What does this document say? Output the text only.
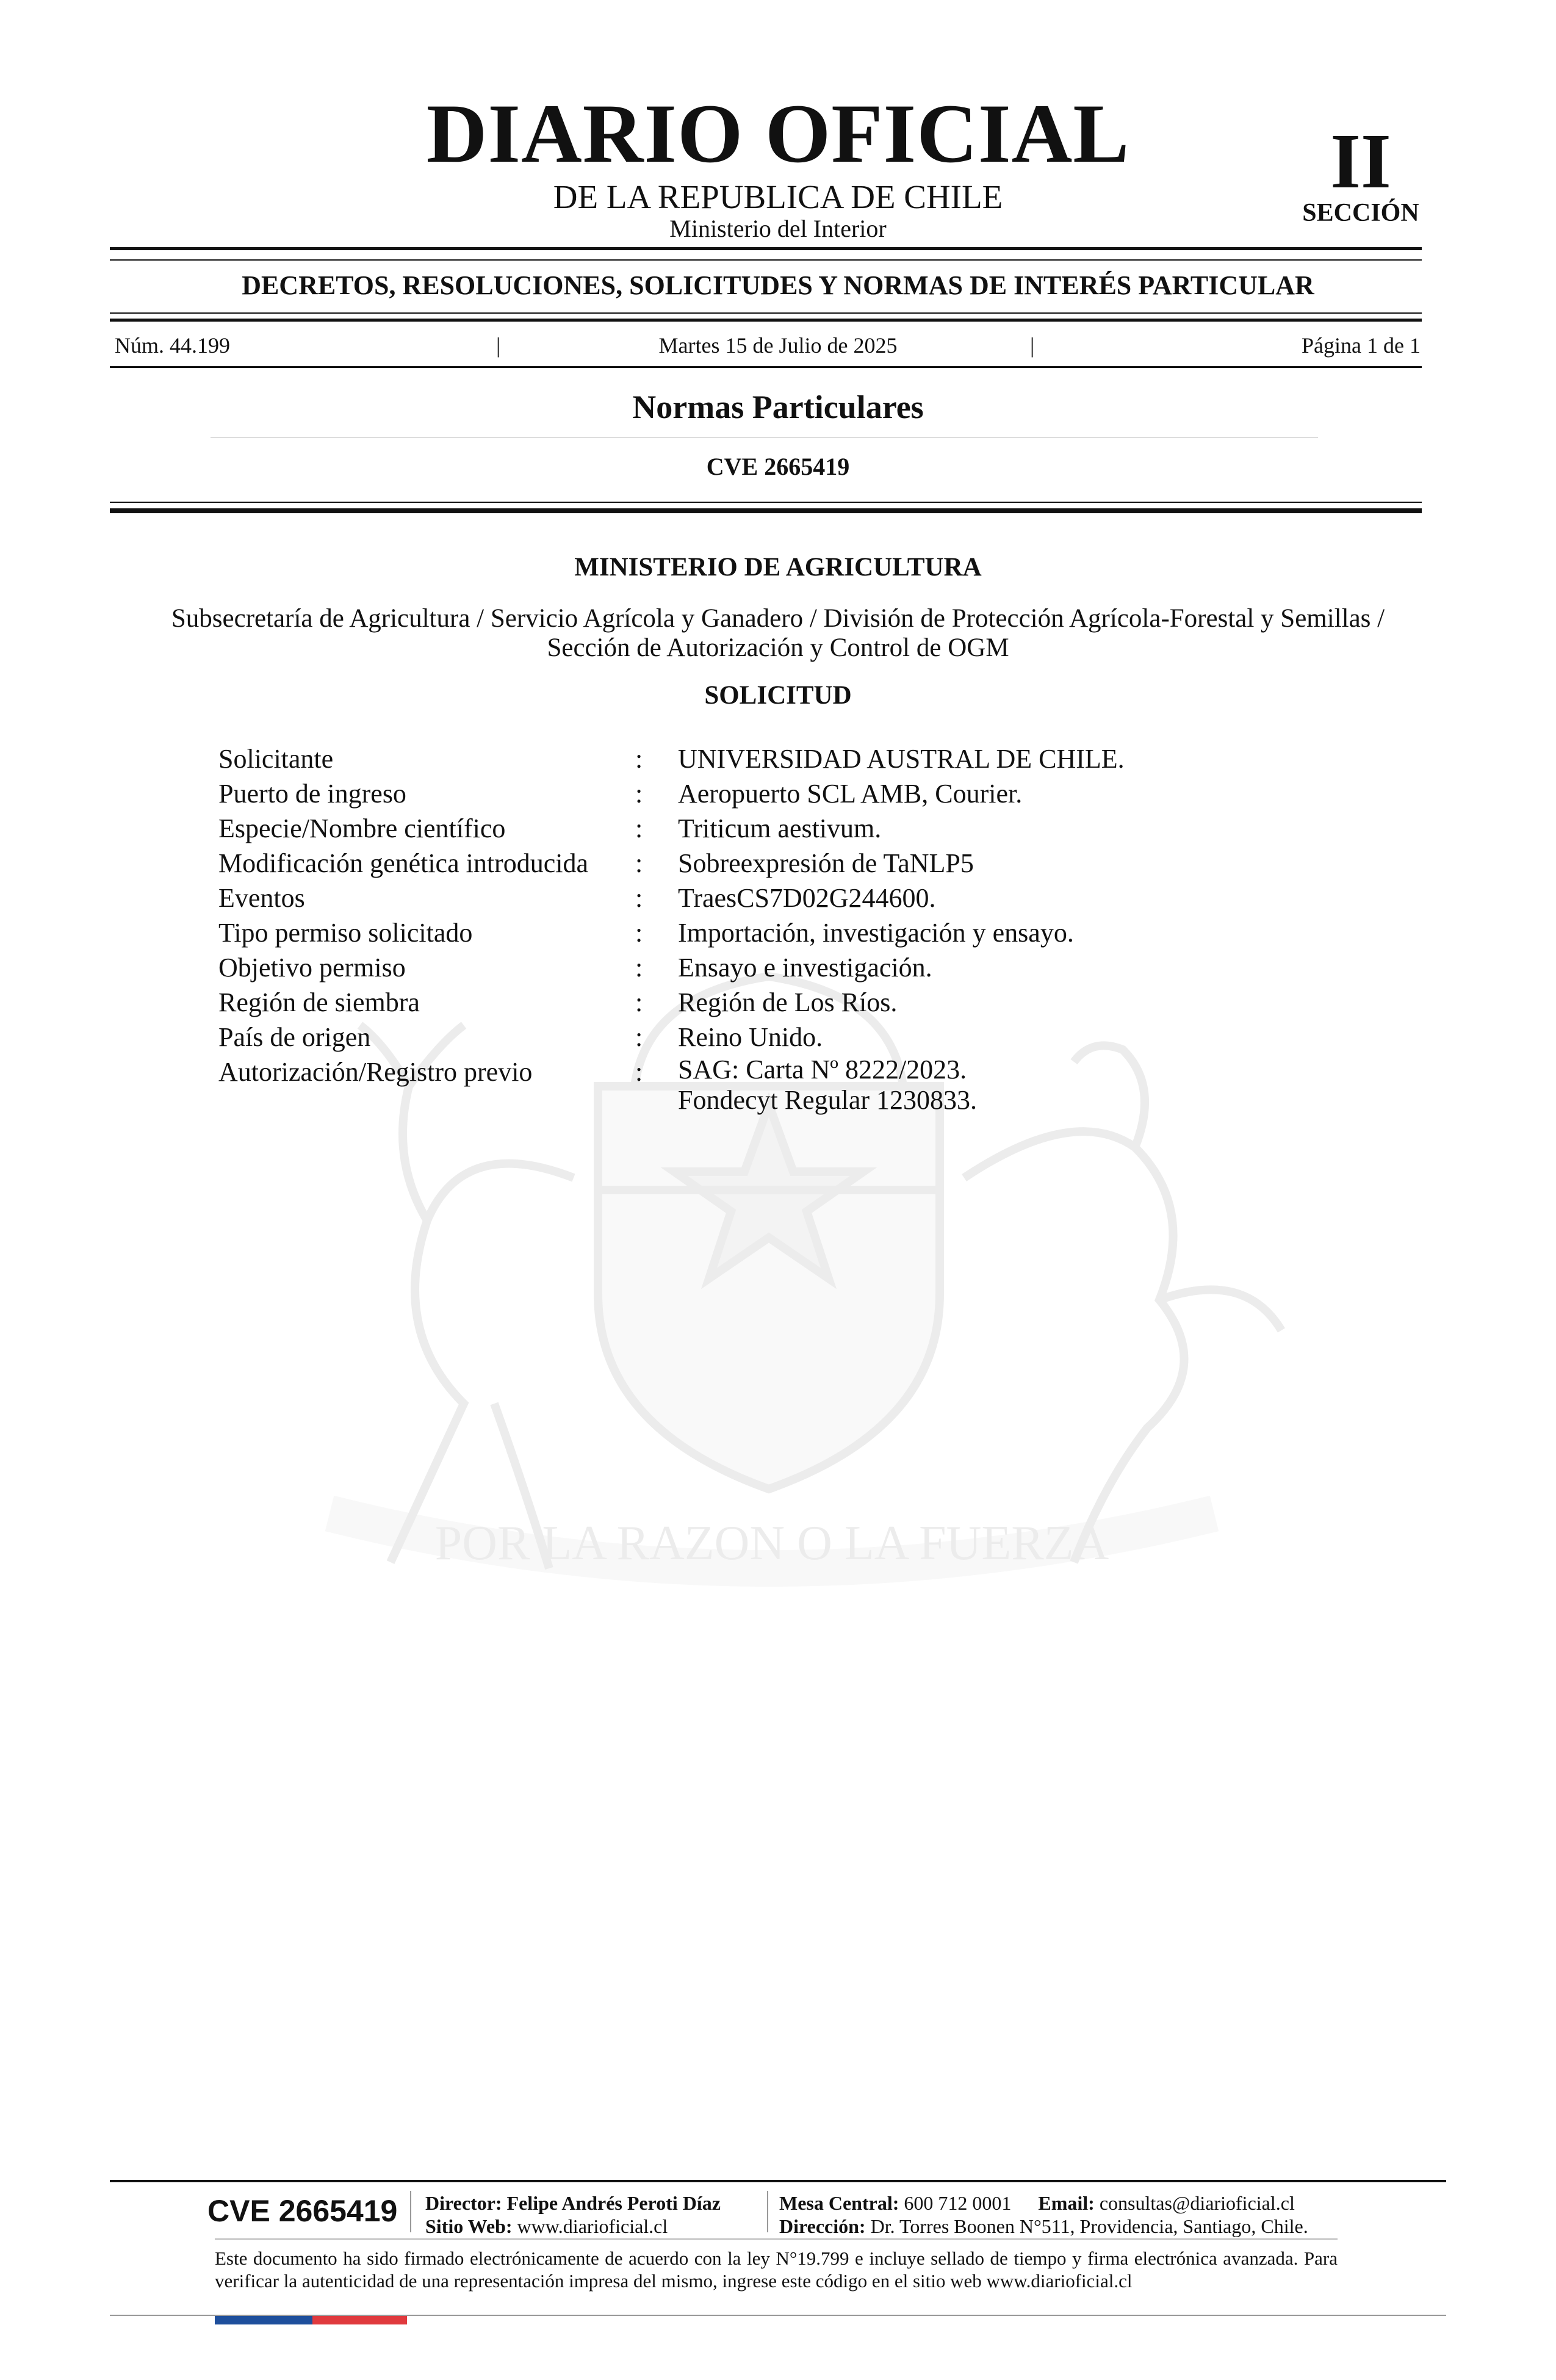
POR LA RAZON O LA FUERZA
DIARIO OFICIAL
DE LA REPUBLICA DE CHILE
Ministerio del Interior
II
SECCIÓN
DECRETOS, RESOLUCIONES, SOLICITUDES Y NORMAS DE INTERÉS PARTICULAR
Núm. 44.199	|	Martes 15 de Julio de 2025	|	Página 1 de 1
Normas Particulares
CVE 2665419
MINISTERIO DE AGRICULTURA
Subsecretaría de Agricultura / Servicio Agrícola y Ganadero / División de Protección Agrícola-Forestal y Semillas /
Sección de Autorización y Control de OGM
SOLICITUD
Solicitante	:	UNIVERSIDAD AUSTRAL DE CHILE.
Puerto de ingreso	:	Aeropuerto SCL AMB, Courier.
Especie/Nombre científico	:	Triticum aestivum.
Modificación genética introducida	:	Sobreexpresión de TaNLP5
Eventos	:	TraesCS7D02G244600.
Tipo permiso solicitado	:	Importación, investigación y ensayo.
Objetivo permiso	:	Ensayo e investigación.
Región de siembra	:	Región de Los Ríos.
País de origen	:	Reino Unido.
Autorización/Registro previo	:	SAG: Carta Nº 8222/2023.
Fondecyt Regular 1230833.
CVE 2665419 Director: Felipe Andrés Peroti Díaz
Sitio Web: www.diarioficial.cl
Mesa Central: 600 712 0001 Email: consultas@diarioficial.cl
Dirección: Dr. Torres Boonen N°511, Providencia, Santiago, Chile.
Este documento ha sido firmado electrónicamente de acuerdo con la ley N°19.799 e incluye sellado de tiempo y firma electrónica avanzada. Para verificar la autenticidad de una representación impresa del mismo, ingrese este código en el sitio web www.diarioficial.cl
